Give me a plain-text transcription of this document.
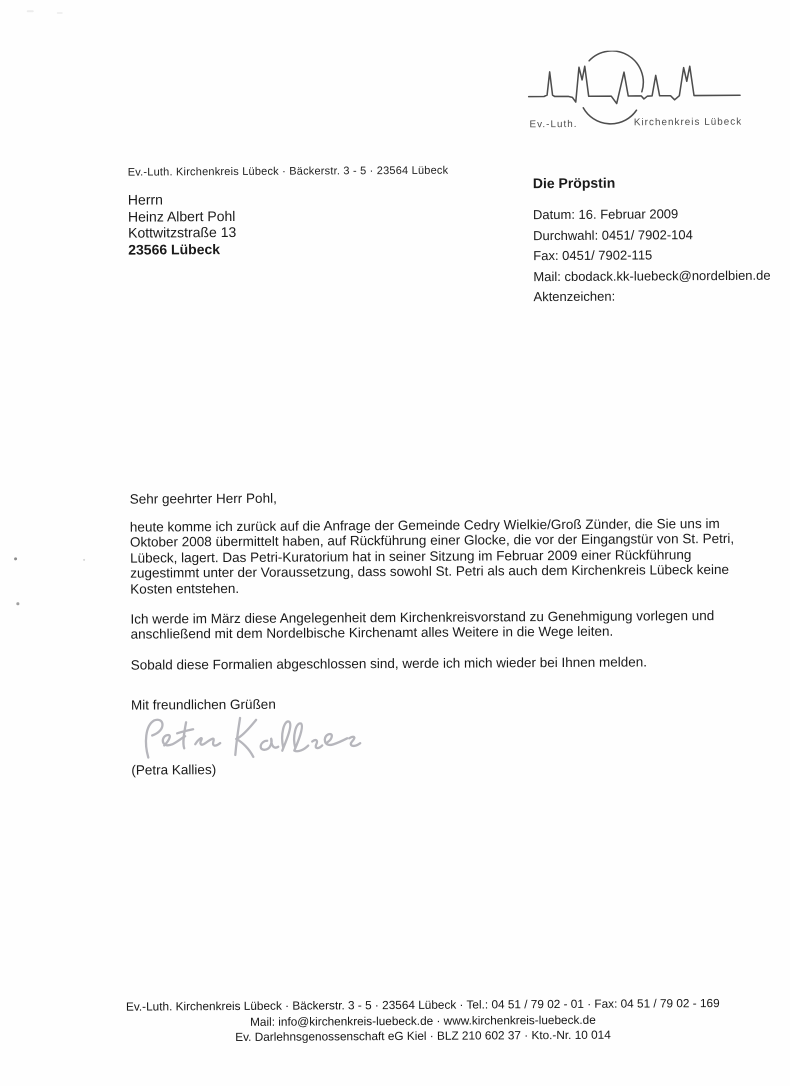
Ev.-Luth. Kirchenkreis Lübeck
Ev.-Luth. Kirchenkreis Lübeck · Bäckerstr. 3 - 5 · 23564 Lübeck
Herrn
Heinz Albert Pohl
Kottwitzstraße 13
23566 Lübeck
Die Pröpstin
Datum: 16. Februar 2009
Durchwahl: 0451/ 7902-104
Fax: 0451/ 7902-115
Mail: cbodack.kk-luebeck@nordelbien.de
Aktenzeichen:
Sehr geehrter Herr Pohl,
heute komme ich zurück auf die Anfrage der Gemeinde Cedry Wielkie/Groß Zünder, die Sie uns im
Oktober 2008 übermittelt haben, auf Rückführung einer Glocke, die vor der Eingangstür von St. Petri,
Lübeck, lagert. Das Petri-Kuratorium hat in seiner Sitzung im Februar 2009 einer Rückführung
zugestimmt unter der Voraussetzung, dass sowohl St. Petri als auch dem Kirchenkreis Lübeck keine
Kosten entstehen.
Ich werde im März diese Angelegenheit dem Kirchenkreisvorstand zu Genehmigung vorlegen und
anschließend mit dem Nordelbische Kirchenamt alles Weitere in die Wege leiten.
Sobald diese Formalien abgeschlossen sind, werde ich mich wieder bei Ihnen melden.
Mit freundlichen Grüßen
(Petra Kallies)
Ev.-Luth. Kirchenkreis Lübeck · Bäckerstr. 3 - 5 · 23564 Lübeck · Tel.: 04 51 / 79 02 - 01 · Fax: 04 51 / 79 02 - 169
Mail: info@kirchenkreis-luebeck.de · www.kirchenkreis-luebeck.de
Ev. Darlehnsgenossenschaft eG Kiel · BLZ 210 602 37 · Kto.-Nr. 10 014
